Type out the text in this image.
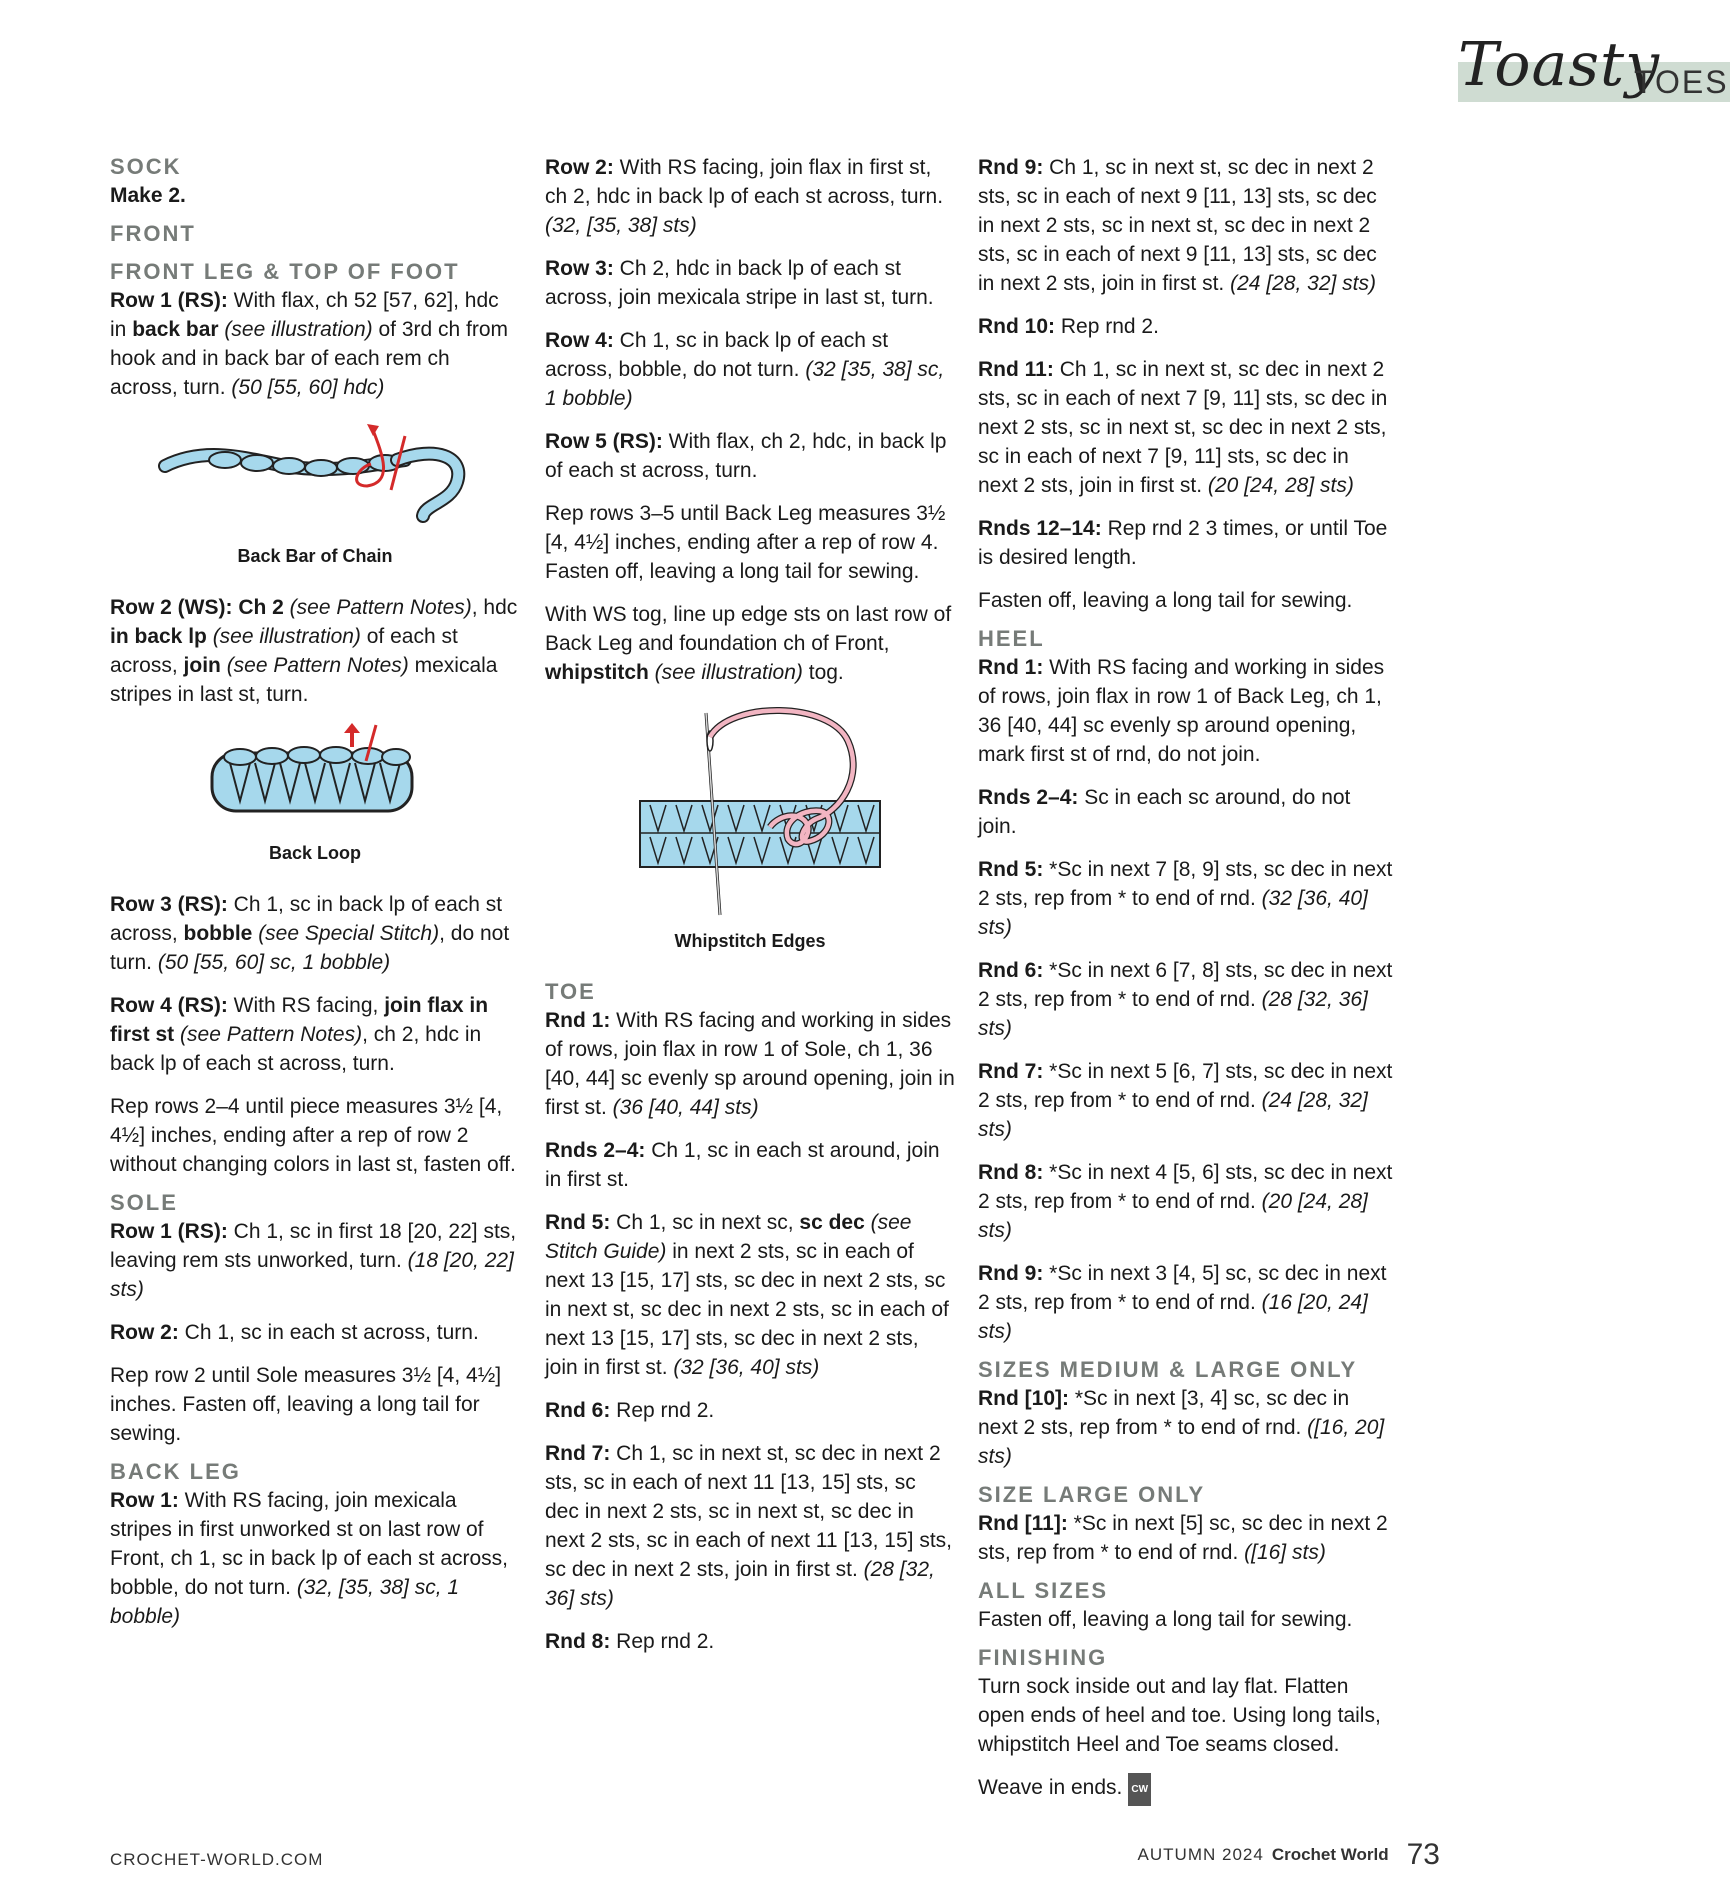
Toasty
TOES
SOCK

Make 2.

FRONT
FRONT LEG & TOP OF FOOT

Row 1 (RS): With flax, ch 52 [57, 62], hdc in back bar (see illustration) of 3rd ch from hook and in back bar of each rem ch across, turn. (50 [55, 60] hdc)

Back Bar of Chain

Row 2 (WS): Ch 2 (see Pattern Notes), hdc in back lp (see illustration) of each st across, join (see Pattern Notes) mexicala stripes in last st, turn.

Back Loop

Row 3 (RS): Ch 1, sc in back lp of each st across, bobble (see Special Stitch), do not turn. (50 [55, 60] sc, 1 bobble)

Row 4 (RS): With RS facing, join flax in first st (see Pattern Notes), ch 2, hdc in back lp of each st across, turn.

Rep rows 2–4 until piece measures 3½ [4, 4½] inches, ending after a rep of row 2 without changing colors in last st, fasten off.

SOLE

Row 1 (RS): Ch 1, sc in first 18 [20, 22] sts, leaving rem sts unworked, turn. (18 [20, 22] sts)

Row 2: Ch 1, sc in each st across, turn.

Rep row 2 until Sole measures 3½ [4, 4½] inches. Fasten off, leaving a long tail for sewing.

BACK LEG

Row 1: With RS facing, join mexicala stripes in first unworked st on last row of Front, ch 1, sc in back lp of each st across, bobble, do not turn. (32, [35, 38] sc, 1 bobble)

Row 2: With RS facing, join flax in first st, ch 2, hdc in back lp of each st across, turn. (32, [35, 38] sts)

Row 3: Ch 2, hdc in back lp of each st across, join mexicala stripe in last st, turn.

Row 4: Ch 1, sc in back lp of each st across, bobble, do not turn. (32 [35, 38] sc, 1 bobble)

Row 5 (RS): With flax, ch 2, hdc, in back lp of each st across, turn.

Rep rows 3–5 until Back Leg measures 3½ [4, 4½] inches, ending after a rep of row 4. Fasten off, leaving a long tail for sewing.

With WS tog, line up edge sts on last row of Back Leg and foundation ch of Front, whipstitch (see illustration) tog.

Whipstitch Edges
TOE

Rnd 1: With RS facing and working in sides of rows, join flax in row 1 of Sole, ch 1, 36 [40, 44] sc evenly sp around opening, join in first st. (36 [40, 44] sts)

Rnds 2–4: Ch 1, sc in each st around, join in first st.

Rnd 5: Ch 1, sc in next sc, sc dec (see Stitch Guide) in next 2 sts, sc in each of next 13 [15, 17] sts, sc dec in next 2 sts, sc in next st, sc dec in next 2 sts, sc in each of next 13 [15, 17] sts, sc dec in next 2 sts, join in first st. (32 [36, 40] sts)

Rnd 6: Rep rnd 2.

Rnd 7: Ch 1, sc in next st, sc dec in next 2 sts, sc in each of next 11 [13, 15] sts, sc dec in next 2 sts, sc in next st, sc dec in next 2 sts, sc in each of next 11 [13, 15] sts, sc dec in next 2 sts, join in first st. (28 [32, 36] sts)

Rnd 8: Rep rnd 2.

Rnd 9: Ch 1, sc in next st, sc dec in next 2 sts, sc in each of next 9 [11, 13] sts, sc dec in next 2 sts, sc in next st, sc dec in next 2 sts, sc in each of next 9 [11, 13] sts, sc dec in next 2 sts, join in first st. (24 [28, 32] sts)

Rnd 10: Rep rnd 2.

Rnd 11: Ch 1, sc in next st, sc dec in next 2 sts, sc in each of next 7 [9, 11] sts, sc dec in next 2 sts, sc in next st, sc dec in next 2 sts, sc in each of next 7 [9, 11] sts, sc dec in next 2 sts, join in first st. (20 [24, 28] sts)

Rnds 12–14: Rep rnd 2 3 times, or until Toe is desired length.

Fasten off, leaving a long tail for sewing.

HEEL

Rnd 1: With RS facing and working in sides of rows, join flax in row 1 of Back Leg, ch 1, 36 [40, 44] sc evenly sp around opening, mark first st of rnd, do not join.

Rnds 2–4: Sc in each sc around, do not join.

Rnd 5: *Sc in next 7 [8, 9] sts, sc dec in next 2 sts, rep from * to end of rnd. (32 [36, 40] sts)

Rnd 6: *Sc in next 6 [7, 8] sts, sc dec in next 2 sts, rep from * to end of rnd. (28 [32, 36] sts)

Rnd 7: *Sc in next 5 [6, 7] sts, sc dec in next 2 sts, rep from * to end of rnd. (24 [28, 32] sts)

Rnd 8: *Sc in next 4 [5, 6] sts, sc dec in next 2 sts, rep from * to end of rnd. (20 [24, 28] sts)

Rnd 9: *Sc in next 3 [4, 5] sc, sc dec in next 2 sts, rep from * to end of rnd. (16 [20, 24] sts)

SIZES MEDIUM & LARGE ONLY

Rnd [10]: *Sc in next [3, 4] sc, sc dec in next 2 sts, rep from * to end of rnd. ([16, 20] sts)

SIZE LARGE ONLY

Rnd [11]: *Sc in next [5] sc, sc dec in next 2 sts, rep from * to end of rnd. ([16] sts)

ALL SIZES

Fasten off, leaving a long tail for sewing.

FINISHING

Turn sock inside out and lay flat. Flatten open ends of heel and toe. Using long tails, whipstitch Heel and Toe seams closed.

Weave in ends. CW

CROCHET-WORLD.COM	AUTUMN 2024 Crochet World 73
